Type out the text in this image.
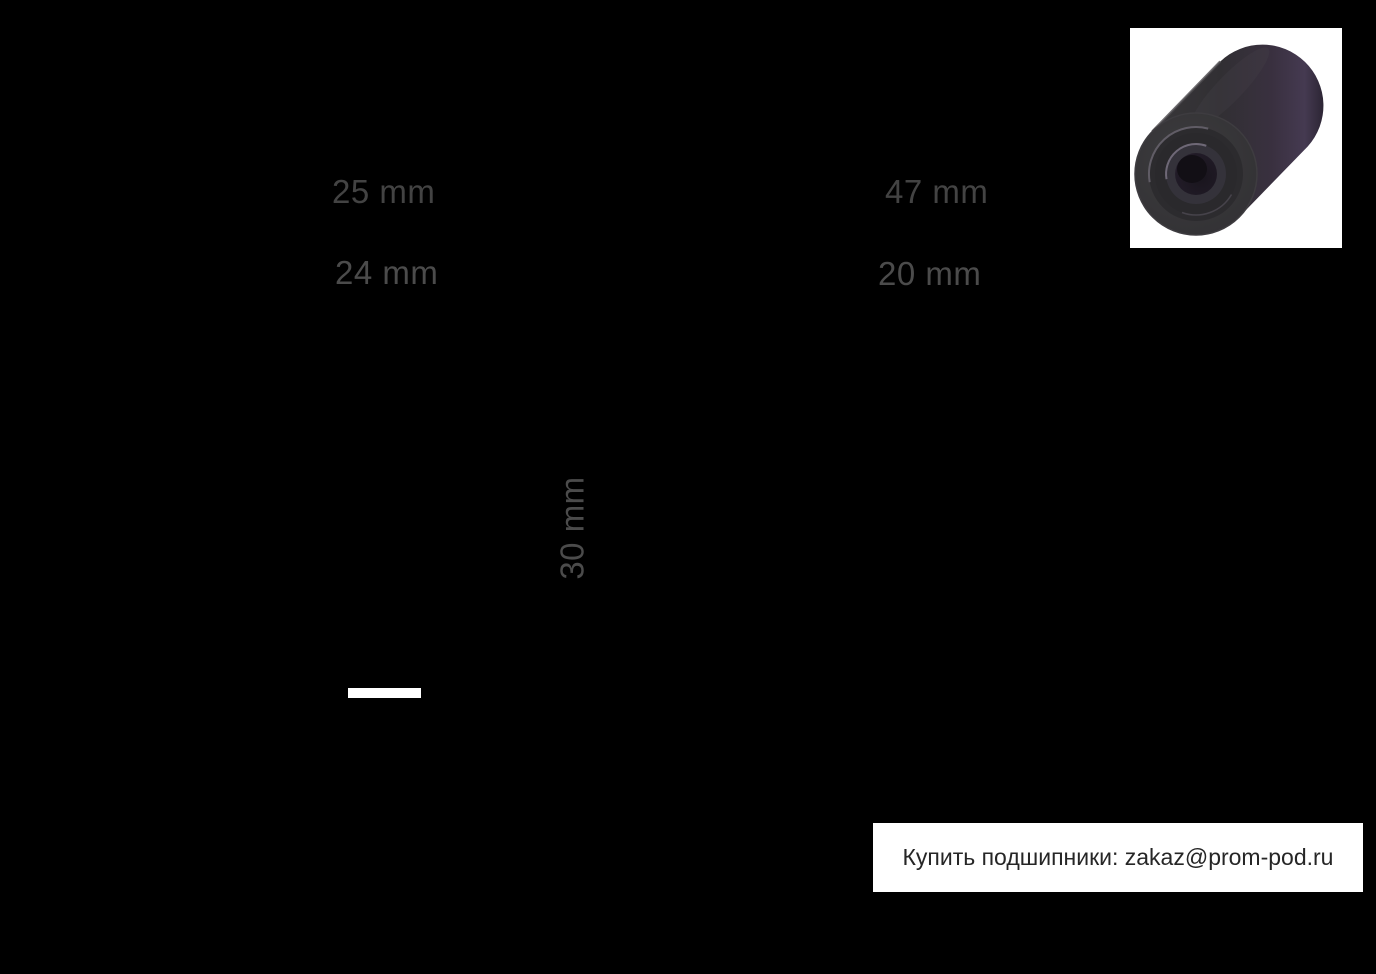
25 mm
24 mm
47 mm
20 mm
30 mm
Купить подшипники: zakaz@prom-pod.ru
